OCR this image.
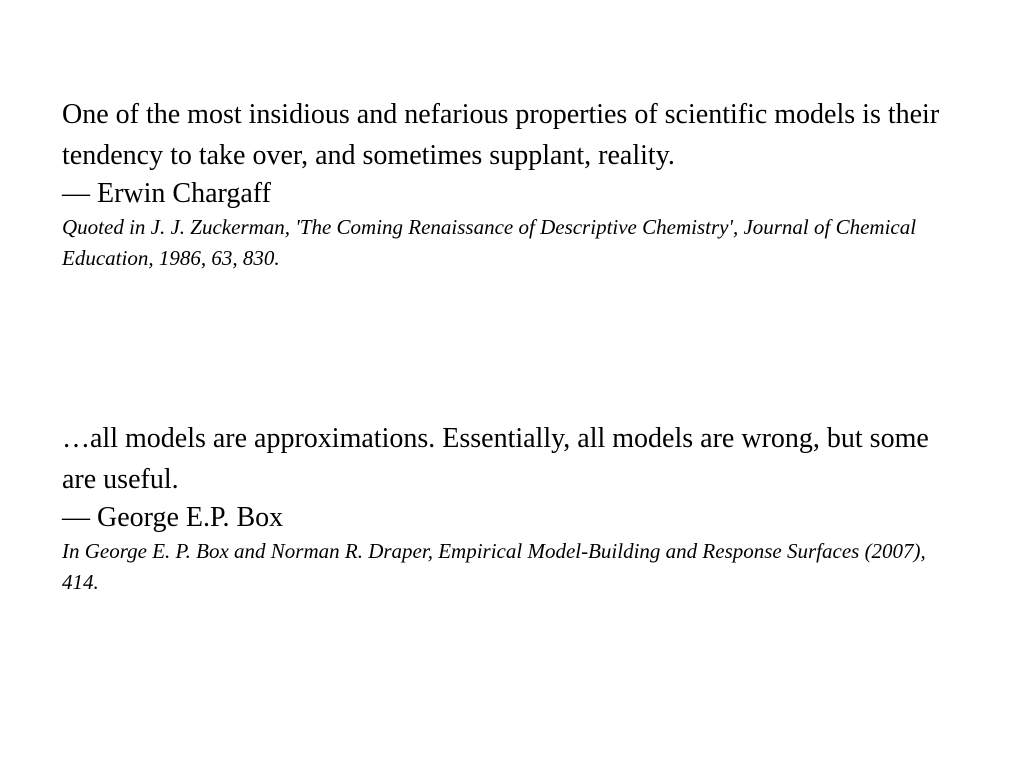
One of the most insidious and nefarious properties of scientific models is their tendency to take over, and sometimes supplant, reality.

— Erwin Chargaff

Quoted in J. J. Zuckerman, 'The Coming Renaissance of Descriptive Chemistry', Journal of Chemical Education, 1986, 63, 830.

…all models are approximations. Essentially, all models are wrong, but some are useful.

— George E.P. Box

In George E. P. Box and Norman R. Draper, Empirical Model-Building and Response Surfaces (2007), 414.
